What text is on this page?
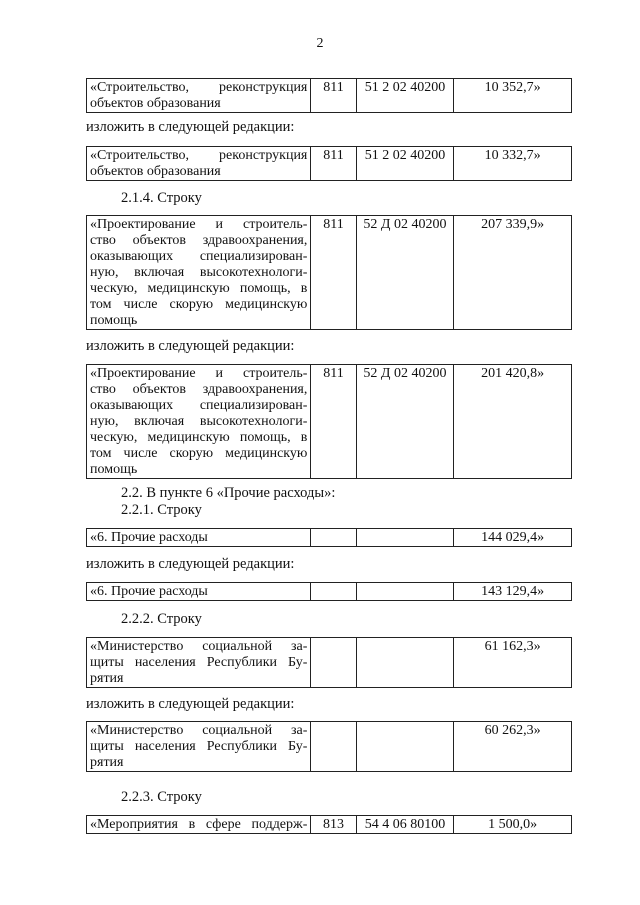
2
«Строительство, реконструкция
объектов образования
	811	51 2 02 40200	10 352,7»
изложить в следующей редакции:
«Строительство, реконструкция
объектов образования
	811	51 2 02 40200	10 332,7»
2.1.4. Строку
«Проектирование и строитель-
ство объектов здравоохранения,
оказывающих специализирован-
ную, включая высокотехнологи-
ческую, медицинскую помощь, в
том числе скорую медицинскую
помощь
	811	52 Д 02 40200	207 339,9»
изложить в следующей редакции:
«Проектирование и строитель-
ство объектов здравоохранения,
оказывающих специализирован-
ную, включая высокотехнологи-
ческую, медицинскую помощь, в
том числе скорую медицинскую
помощь
	811	52 Д 02 40200	201 420,8»
2.2. В пункте 6 «Прочие расходы»:
2.2.1. Строку
«6. Прочие расходы			144 029,4»
изложить в следующей редакции:
«6. Прочие расходы			143 129,4»
2.2.2. Строку
«Министерство социальной за-
щиты населения Республики Бу-
рятия
			61 162,3»
изложить в следующей редакции:
«Министерство социальной за-
щиты населения Республики Бу-
рятия
			60 262,3»
2.2.3. Строку
«Мероприятия в сфере поддерж-	813	54 4 06 80100	1 500,0»
